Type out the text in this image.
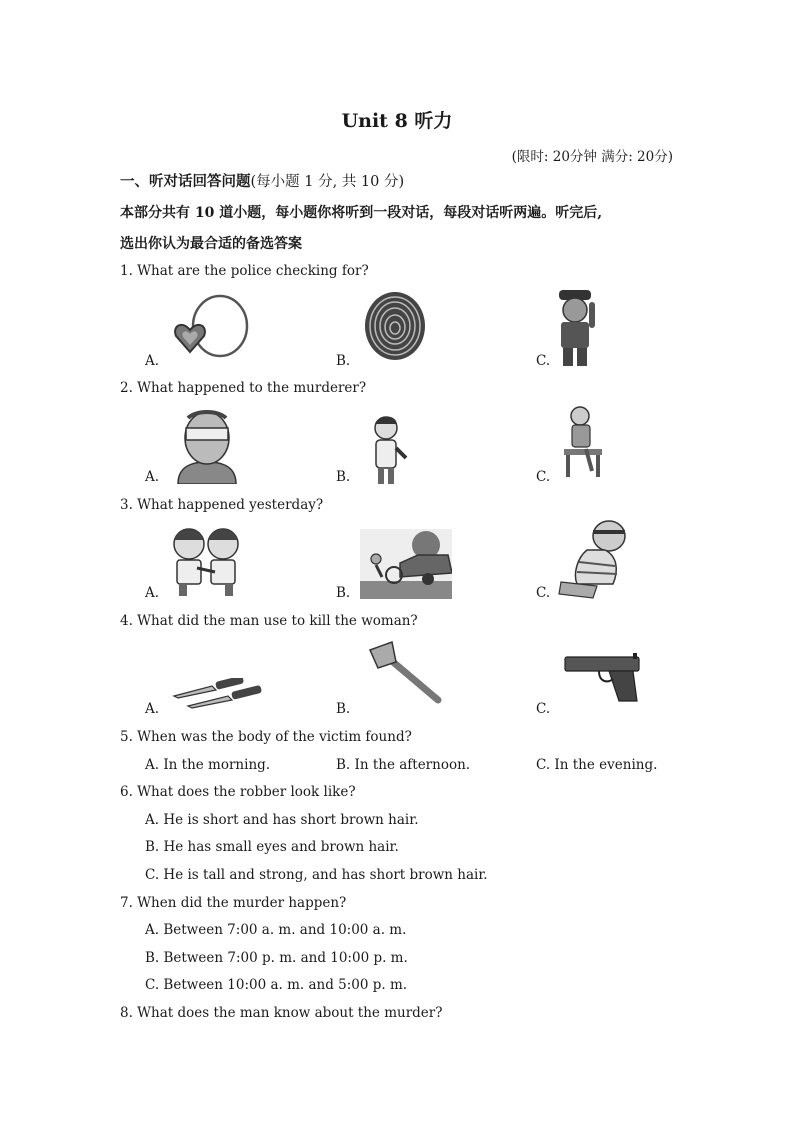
Unit 8 听力
(限时: 20分钟 满分: 20分)
一、听对话回答问题(每小题 1 分, 共 10 分)
本部分共有 10 道小题，每小题你将听到一段对话，每段对话听两遍。听完后,
选出你认为最合适的备选答案
1. What are the police checking for?
A.	B.	C.
2. What happened to the murderer?
A.	B.	C.
3. What happened yesterday?
A.	B.	C.
4. What did the man use to kill the woman?
A.	B.	C.
5. When was the body of the victim found?
A. In the morning.	B. In the afternoon.	C. In the evening.
6. What does the robber look like?
A. He is short and has short brown hair.
B. He has small eyes and brown hair.
C. He is tall and strong, and has short brown hair.
7. When did the murder happen?
A. Between 7:00 a. m. and 10:00 a. m.
B. Between 7:00 p. m. and 10:00 p. m.
C. Between 10:00 a. m. and 5:00 p. m.
8. What does the man know about the murder?
